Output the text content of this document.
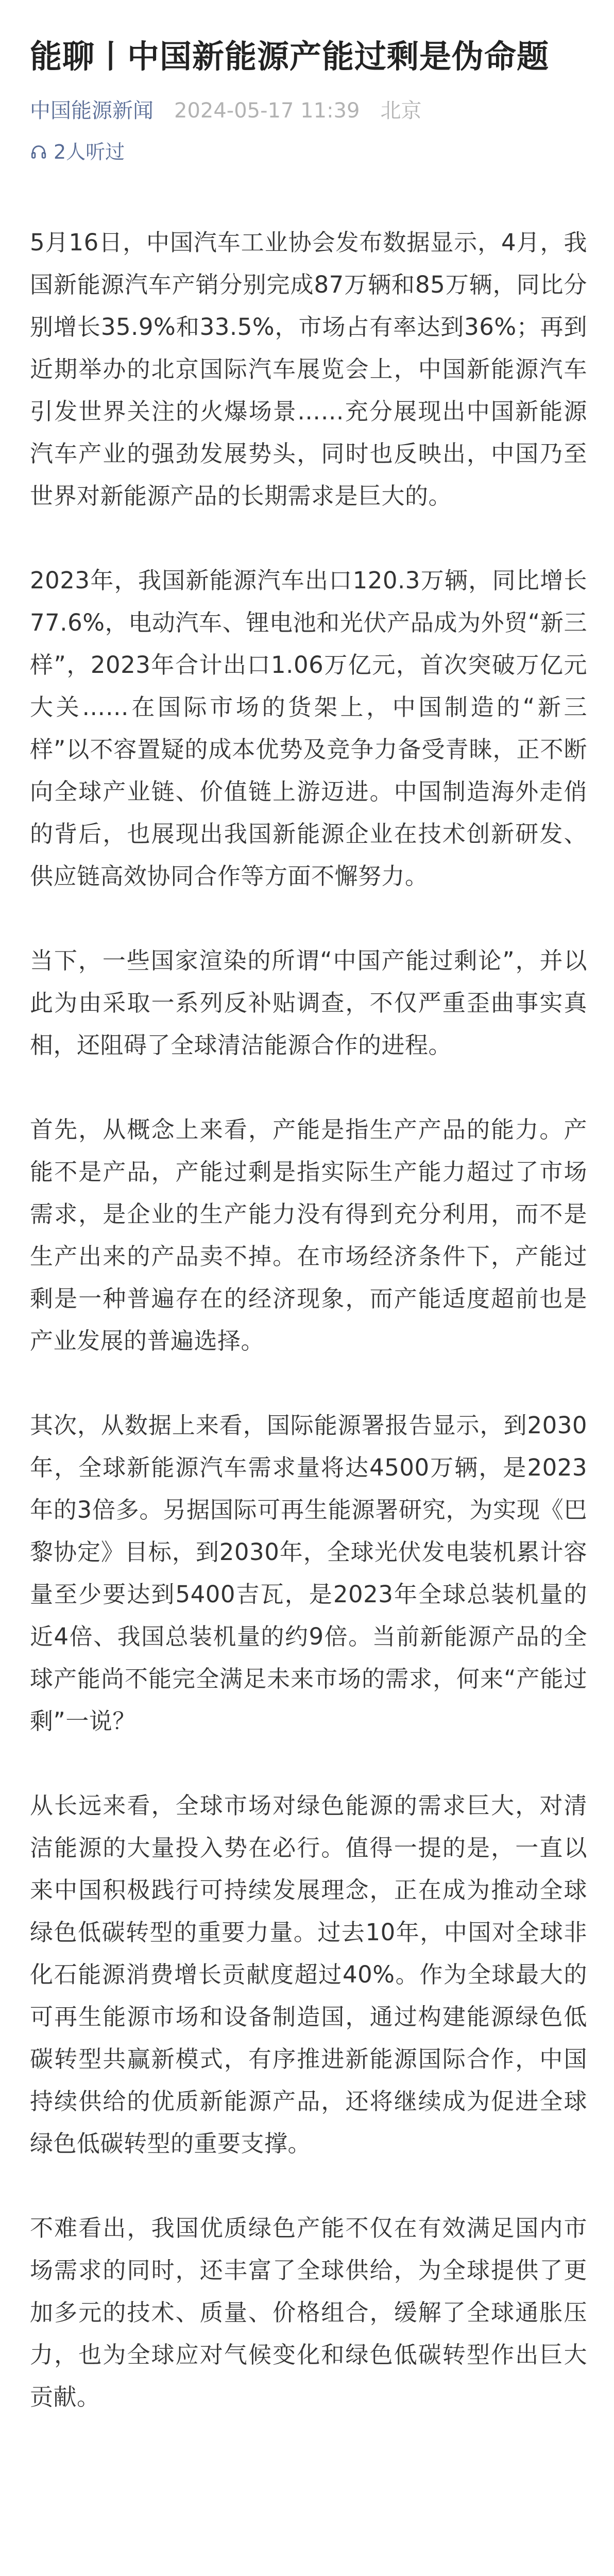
能聊丨中国新能源产能过剩是伪命题
中国能源新闻 2024-05-17 11:39 北京
2人听过

5月16日，中国汽车工业协会发布数据显示，4月，我国新能源汽车产销分别完成87万辆和85万辆，同比分别增长35.9%和33.5%，市场占有率达到36%；再到近期举办的北京国际汽车展览会上，中国新能源汽车引发世界关注的火爆场景……充分展现出中国新能源汽车产业的强劲发展势头，同时也反映出，中国乃至世界对新能源产品的长期需求是巨大的。

2023年，我国新能源汽车出口120.3万辆，同比增长77.6%，电动汽车、锂电池和光伏产品成为外贸“新三样”，2023年合计出口1.06万亿元，首次突破万亿元大关……在国际市场的货架上，中国制造的“新三样”以不容置疑的成本优势及竞争力备受青睐，正不断向全球产业链、价值链上游迈进。中国制造海外走俏的背后，也展现出我国新能源企业在技术创新研发、供应链高效协同合作等方面不懈努力。

当下，一些国家渲染的所谓“中国产能过剩论”，并以此为由采取一系列反补贴调查，不仅严重歪曲事实真相，还阻碍了全球清洁能源合作的进程。

首先，从概念上来看，产能是指生产产品的能力。产能不是产品，产能过剩是指实际生产能力超过了市场需求，是企业的生产能力没有得到充分利用，而不是生产出来的产品卖不掉。在市场经济条件下，产能过剩是一种普遍存在的经济现象，而产能适度超前也是产业发展的普遍选择。

其次，从数据上来看，国际能源署报告显示，到2030年，全球新能源汽车需求量将达4500万辆，是2023年的3倍多。另据国际可再生能源署研究，为实现《巴黎协定》目标，到2030年，全球光伏发电装机累计容量至少要达到5400吉瓦，是2023年全球总装机量的近4倍、我国总装机量的约9倍。当前新能源产品的全球产能尚不能完全满足未来市场的需求，何来“产能过剩”一说？

从长远来看，全球市场对绿色能源的需求巨大，对清洁能源的大量投入势在必行。值得一提的是，一直以来中国积极践行可持续发展理念，正在成为推动全球绿色低碳转型的重要力量。过去10年，中国对全球非化石能源消费增长贡献度超过40%。作为全球最大的可再生能源市场和设备制造国，通过构建能源绿色低碳转型共赢新模式，有序推进新能源国际合作，中国持续供给的优质新能源产品，还将继续成为促进全球绿色低碳转型的重要支撑。

不难看出，我国优质绿色产能不仅在有效满足国内市场需求的同时，还丰富了全球供给，为全球提供了更加多元的技术、质量、价格组合，缓解了全球通胀压力，也为全球应对气候变化和绿色低碳转型作出巨大贡献。
